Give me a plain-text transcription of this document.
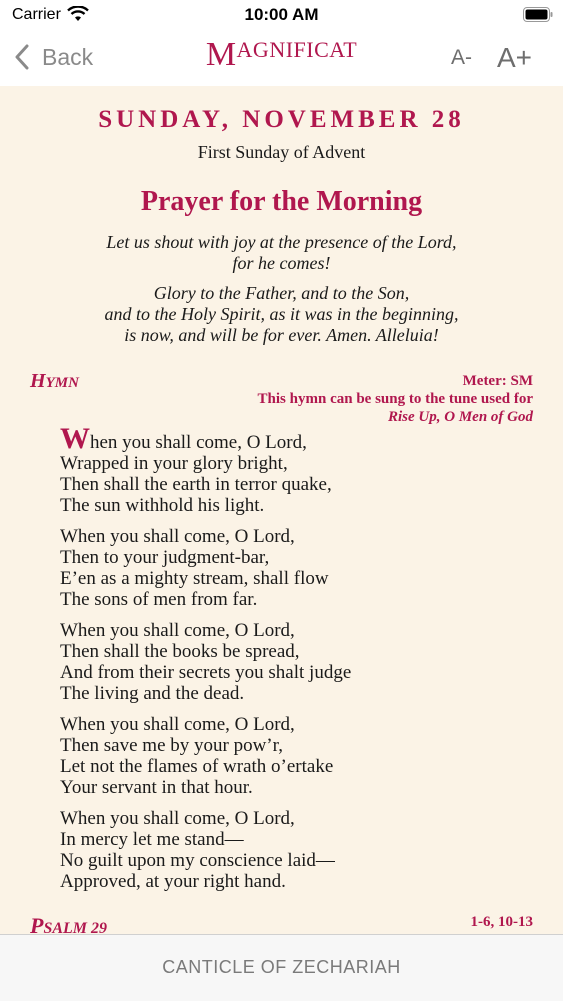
Carrier	10:00 AM
Back	MAGNIFICAT	A- A+
SUNDAY, NOVEMBER 28
First Sunday of Advent
Prayer for the Morning
Let us shout with joy at the presence of the Lord,
for he comes!
Glory to the Father, and to the Son,
and to the Holy Spirit, as it was in the beginning,
is now, and will be for ever. Amen. Alleluia!
HYMN	Meter: SM
This hymn can be sung to the tune used for
Rise Up, O Men of God
When you shall come, O Lord,
Wrapped in your glory bright,
Then shall the earth in terror quake,
The sun withhold his light.
When you shall come, O Lord,
Then to your judgment-bar,
E’en as a mighty stream, shall flow
The sons of men from far.
When you shall come, O Lord,
Then shall the books be spread,
And from their secrets you shalt judge
The living and the dead.
When you shall come, O Lord,
Then save me by your pow’r,
Let not the flames of wrath o’ertake
Your servant in that hour.
When you shall come, O Lord,
In mercy let me stand—
No guilt upon my conscience laid—
Approved, at your right hand.
PSALM 29	1-6, 10-13
CANTICLE OF ZECHARIAH
